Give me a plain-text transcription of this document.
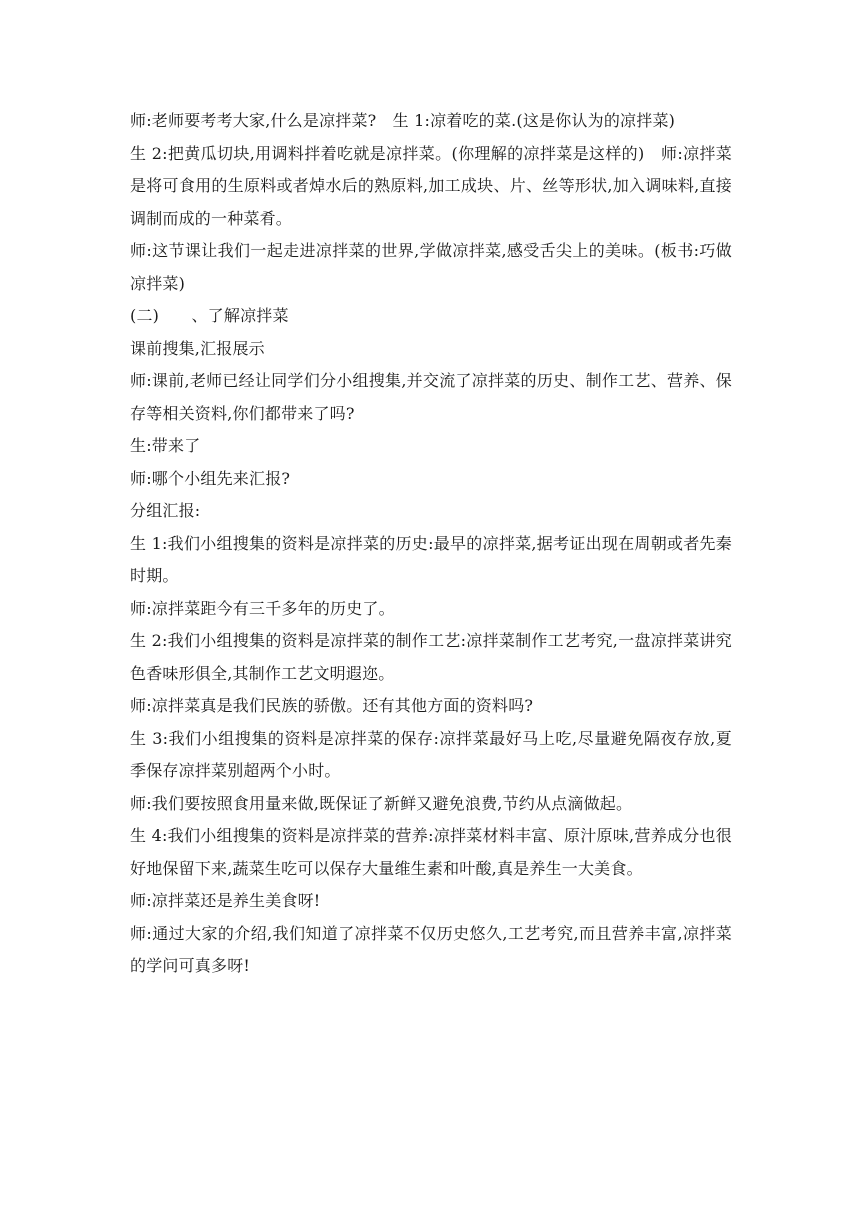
师:老师要考考大家,什么是凉拌菜?　生 1:凉着吃的菜.(这是你认为的凉拌菜)

生 2:把黄瓜切块,用调料拌着吃就是凉拌菜。(你理解的凉拌菜是这样的)　师:凉拌菜是将可食用的生原料或者焯水后的熟原料,加工成块、片、丝等形状,加入调味料,直接调制而成的一种菜肴。

师:这节课让我们一起走进凉拌菜的世界,学做凉拌菜,感受舌尖上的美味。(板书:巧做凉拌菜)

(二)　　、了解凉拌菜

课前搜集,汇报展示

师:课前,老师已经让同学们分小组搜集,并交流了凉拌菜的历史、制作工艺、营养、保存等相关资料,你们都带来了吗?

生:带来了

师:哪个小组先来汇报?

分组汇报:

生 1:我们小组搜集的资料是凉拌菜的历史:最早的凉拌菜,据考证出现在周朝或者先秦时期。

师:凉拌菜距今有三千多年的历史了。

生 2:我们小组搜集的资料是凉拌菜的制作工艺:凉拌菜制作工艺考究,一盘凉拌菜讲究色香味形俱全,其制作工艺文明遐迩。

师:凉拌菜真是我们民族的骄傲。还有其他方面的资料吗?

生 3:我们小组搜集的资料是凉拌菜的保存:凉拌菜最好马上吃,尽量避免隔夜存放,夏季保存凉拌菜别超两个小时。

师:我们要按照食用量来做,既保证了新鲜又避免浪费,节约从点滴做起。

生 4:我们小组搜集的资料是凉拌菜的营养:凉拌菜材料丰富、原汁原味,营养成分也很好地保留下来,蔬菜生吃可以保存大量维生素和叶酸,真是养生一大美食。

师:凉拌菜还是养生美食呀!

师:通过大家的介绍,我们知道了凉拌菜不仅历史悠久,工艺考究,而且营养丰富,凉拌菜的学问可真多呀!
